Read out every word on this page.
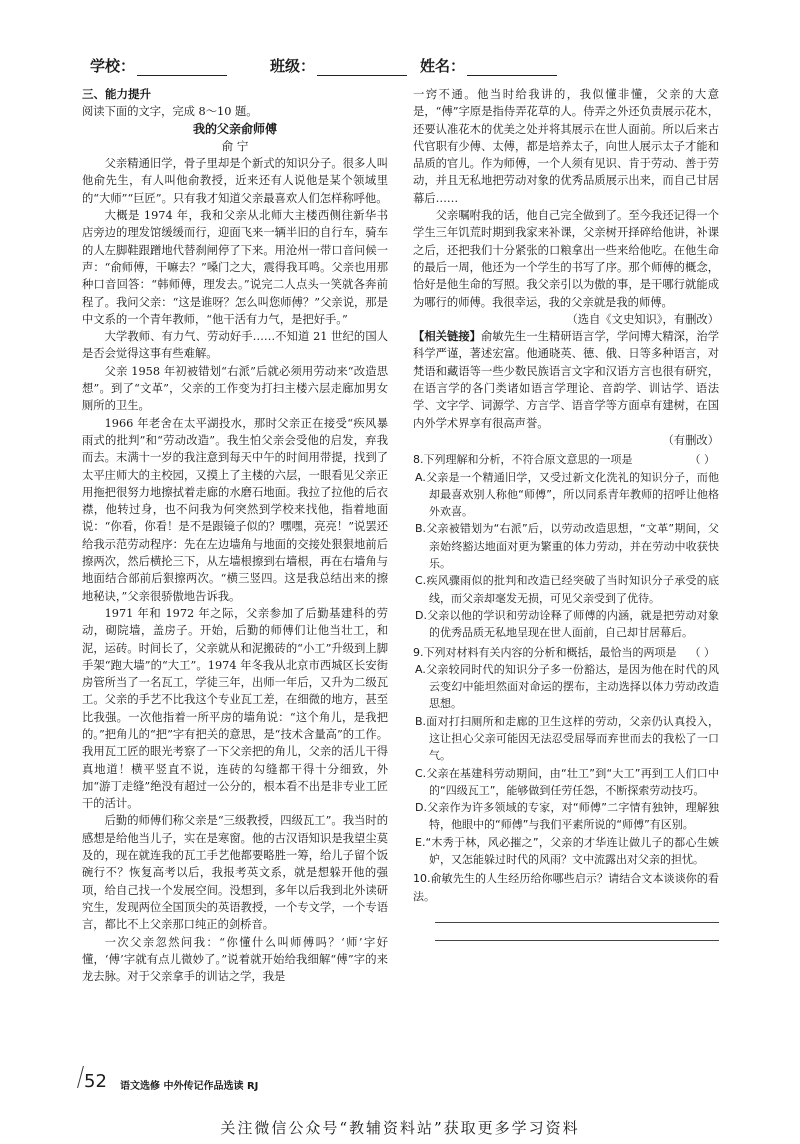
学校：	班级：	姓名：

三、能力提升

阅读下面的文字，完成 8～10 题。

我的父亲俞师傅

俞 宁

父亲精通旧学，骨子里却是个新式的知识分子。很多人叫他俞先生，有人叫他俞教授，近来还有人说他是某个领域里的“大师”“巨匠”。只有我才知道父亲最喜欢人们怎样称呼他。

大概是 1974 年，我和父亲从北师大主楼西侧往新华书店旁边的理发馆缓缓而行，迎面飞来一辆半旧的自行车，骑车的人左脚鞋跟蹭地代替刹闸停了下来。用沧州一带口音问候一声：“俞师傅，干嘛去？”嗓门之大，震得我耳鸣。父亲也用那种口音回答：“韩师傅，理发去。”说完二人点头一笑就各奔前程了。我问父亲：“这是谁呀？怎么叫您师傅？”父亲说，那是中文系的一个青年教师，“他干活有力气，是把好手。”

大学教师、有力气、劳动好手……不知道 21 世纪的国人是否会觉得这事有些难解。

父亲 1958 年初被错划“右派”后就必须用劳动来“改造思想”。到了“文革”，父亲的工作变为打扫主楼六层走廊加男女厕所的卫生。

1966 年老舍在太平湖投水，那时父亲正在接受“疾风暴雨式的批判”和“劳动改造”。我生怕父亲会受他的启发，弃我而去。末满十一岁的我注意到每天中午的时间用带提，找到了太平庄师大的主校园，又摸上了主楼的六层，一眼看见父亲正用拖把很努力地擦拭着走廊的水磨石地面。我拉了拉他的后衣襟，他转过身，也不问我为何突然到学校来找他，指着地面说：“你看，你看！是不是跟镜子似的？嘿嘿，亮亮！”说罢还给我示范劳动程序：先在左边墙角与地面的交接处狠狠地前后擦两次，然后横抡三下，从左墙根擦到右墙根，再在右墙角与地面结合部前后狠擦两次。“横三竖四。这是我总结出来的擦地秘诀，”父亲很骄傲地告诉我。

1971 年和 1972 年之际，父亲参加了后勤基建科的劳动，砌院墙，盖房子。开始，后勤的师傅们让他当壮工，和泥，运砖。时间长了，父亲就从和泥搬砖的“小工”升级到上脚手架“跑大墙”的“大工”。1974 年冬我从北京市西城区长安街房管所当了一名瓦工，学徒三年，出师一年后，又升为二级瓦工。父亲的手艺不比我这个专业瓦工差，在细微的地方，甚至比我强。一次他指着一所平房的墙角说：“这个角儿，是我把的。”把角儿的“把”字有把关的意思，是“技术含量高”的工作。我用瓦工匠的眼光考察了一下父亲把的角儿，父亲的活儿干得真地道！横平竖直不说，连砖的勾缝都干得十分细致，外加“游丁走缝”绝没有超过一公分的，根本看不出是非专业工匠干的活计。

后勤的师傅们称父亲是“三级教授，四级瓦工”。我当时的感想是给他当儿子，实在是寒窗。他的古汉语知识是我望尘莫及的，现在就连我的瓦工手艺他都要略胜一筹，给儿子留个饭碗行不？恢复高考以后，我报考英文系，就是想躲开他的强项，给自己找一个发展空间。没想到，多年以后我到北外读研究生，发现两位全国顶尖的英语教授，一个专文学，一个专语言，都比不上父亲那口纯正的剑桥音。

一次父亲忽然问我：“你懂什么叫师傅吗？‘师’字好懂，‘傅’字就有点儿微妙了。”说着就开始给我细解“傅”字的来龙去脉。对于父亲拿手的训诂之学，我是

一窍不通。他当时给我讲的，我似懂非懂，父亲的大意是，“傅”字原是指侍弄花草的人。侍弄之外还负责展示花木，还要认准花木的优美之处并将其展示在世人面前。所以后来古代官职有少傅、太傅，都是培养太子，向世人展示太子才能和品质的官儿。作为师傅，一个人须有见识、肯于劳动、善于劳动，并且无私地把劳动对象的优秀品质展示出来，而自己甘居幕后……

父亲嘱咐我的话，他自己完全做到了。至今我还记得一个学生三年饥荒时期到我家来补课，父亲树开择碎给他讲，补课之后，还把我们十分紧张的口粮拿出一些来给他吃。在他生命的最后一周，他还为一个学生的书写了序。那个师傅的概念，恰好是他生命的写照。我父亲引以为傲的事，是干哪行就能成为哪行的师傅。我很幸运，我的父亲就是我的师傅。

（选自《文史知识》，有删改）

【相关链接】俞敏先生一生精研语言学，学问博大精深，治学科学严谨，著述宏富。他通晓英、德、俄、日等多种语言，对梵语和藏语等一些少数民族语言文字和汉语方言也很有研究，在语言学的各门类诸如语言学理论、音韵学、训诂学、语法学、文字学、词源学、方言学、语音学等方面卓有建树，在国内外学术界享有很高声誉。

（有删改）

8.下列理解和分析，不符合原文意思的一项是	（ ）

A.父亲是一个精通旧学，又受过新文化洗礼的知识分子，而他却最喜欢别人称他“师傅”，所以同系青年教师的招呼让他格外欢喜。

B.父亲被错划为“右派”后，以劳动改造思想，“文革”期间，父亲始终豁达地面对更为繁重的体力劳动，并在劳动中收获快乐。

C.疾风骤雨似的批判和改造已经突破了当时知识分子承受的底线，而父亲却毫发无损，可见父亲受到了优待。

D.父亲以他的学识和劳动诠释了师傅的内涵，就是把劳动对象的优秀品质无私地呈现在世人面前，自己却甘居幕后。

9.下列对材料有关内容的分析和概括，最恰当的两项是 （ ）

A.父亲较同时代的知识分子多一份豁达，是因为他在时代的风云变幻中能坦然面对命运的摆布，主动选择以体力劳动改造思想。

B.面对打扫厕所和走廊的卫生这样的劳动，父亲仍认真投入，这让担心父亲可能因无法忍受屈辱而弃世而去的我松了一口气。

C.父亲在基建科劳动期间，由“壮工”到“大工”再到工人们口中的“四级瓦工”，能够做到任劳任怨，不断探索劳动技巧。

D.父亲作为许多领域的专家，对“师傅”二字情有独钟，理解独特，他眼中的“师傅”与我们平素所说的“师傅”有区别。

E.“木秀于林，风必摧之”，父亲的才华连让做儿子的都心生嫉妒，又怎能躲过时代的风雨？文中流露出对父亲的担忧。

10.俞敏先生的人生经历给你哪些启示？请结合文本谈谈你的看法。

52 语文选修 中外传记作品选读 RJ
关注微信公众号“教辅资料站”获取更多学习资料
